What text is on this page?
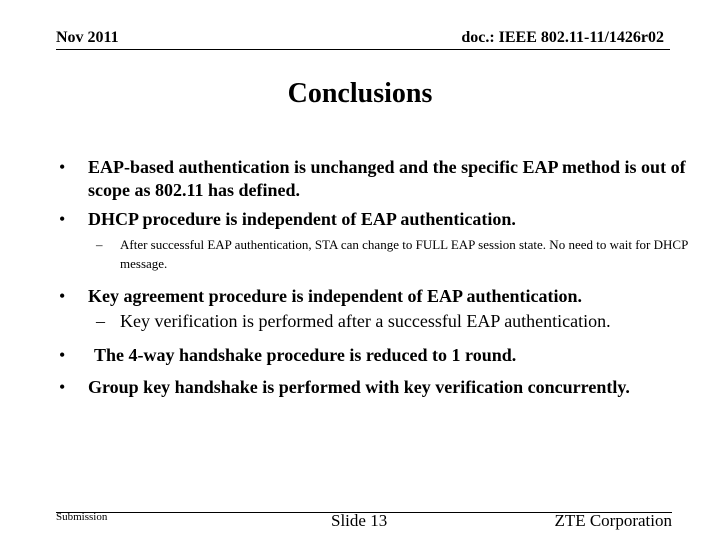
Nov 2011	doc.: IEEE 802.11-11/1426r02
Conclusions

• EAP-based authentication is unchanged and the specific EAP method is out of scope as 802.11 has defined.

• DHCP procedure is independent of EAP authentication.

– After successful EAP authentication, STA can change to FULL EAP session state. No need to wait for DHCP message.

• Key agreement procedure is independent of EAP authentication.

– Key verification is performed after a successful EAP authentication.

• The 4-way handshake procedure is reduced to 1 round.

• Group key handshake is performed with key verification concurrently.

Submission	Slide 13	ZTE Corporation
